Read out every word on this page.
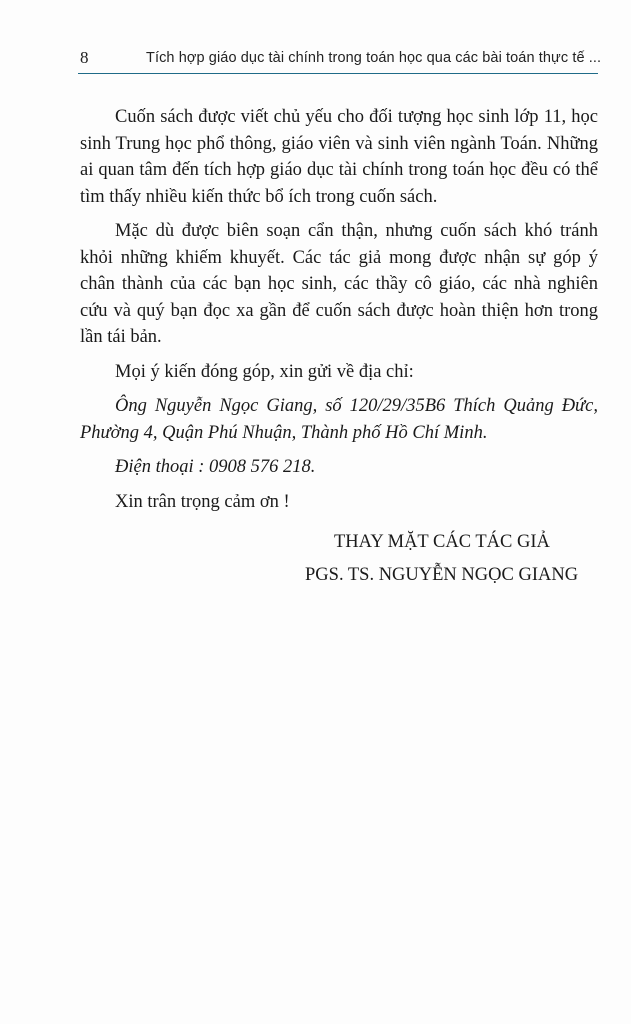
8	Tích hợp giáo dục tài chính trong toán học qua các bài toán thực tế ...

Cuốn sách được viết chủ yếu cho đối tượng học sinh lớp 11, học sinh Trung học phổ thông, giáo viên và sinh viên ngành Toán. Những ai quan tâm đến tích hợp giáo dục tài chính trong toán học đều có thể tìm thấy nhiều kiến thức bổ ích trong cuốn sách.

Mặc dù được biên soạn cẩn thận, nhưng cuốn sách khó tránh khỏi những khiếm khuyết. Các tác giả mong được nhận sự góp ý chân thành của các bạn học sinh, các thầy cô giáo, các nhà nghiên cứu và quý bạn đọc xa gần để cuốn sách được hoàn thiện hơn trong lần tái bản.

Mọi ý kiến đóng góp, xin gửi về địa chỉ:

Ông Nguyễn Ngọc Giang, số 120/29/35B6 Thích Quảng Đức, Phường 4, Quận Phú Nhuận, Thành phố Hồ Chí Minh.

Điện thoại : 0908 576 218.

Xin trân trọng cảm ơn !

THAY MẶT CÁC TÁC GIẢ
PGS. TS. NGUYỄN NGỌC GIANG
